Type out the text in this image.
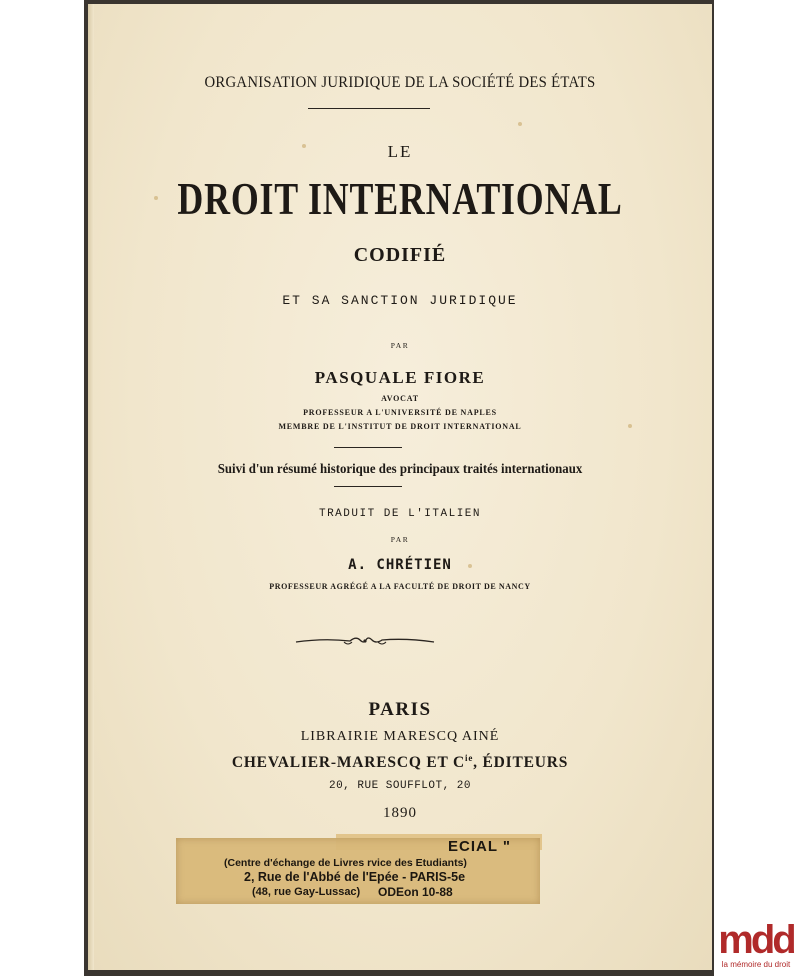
ORGANISATION JURIDIQUE DE LA SOCIÉTÉ DES ÉTATS
LE
DROIT INTERNATIONAL
CODIFIÉ
ET SA SANCTION JURIDIQUE
PAR
PASQUALE FIORE
AVOCAT
PROFESSEUR A L'UNIVERSITÉ DE NAPLES
MEMBRE DE L'INSTITUT DE DROIT INTERNATIONAL
Suivi d'un résumé historique des principaux traités internationaux
TRADUIT DE L'ITALIEN
PAR
A. CHRÉTIEN
PROFESSEUR AGRÉGÉ A LA FACULTÉ DE DROIT DE NANCY
PARIS
LIBRAIRIE MARESCQ AINÉ
CHEVALIER-MARESCQ ET $C^{ie}$, ÉDITEURS
20, RUE SOUFFLOT, 20
1890
ECIAL "
(Centre d'échange de Livres rvice des Etudiants)
2, Rue de l'Abbé de l'Epée - PARIS-5e
(48, rue Gay-Lussac) ODEon 10-88
mdd
la mémoire du droit
